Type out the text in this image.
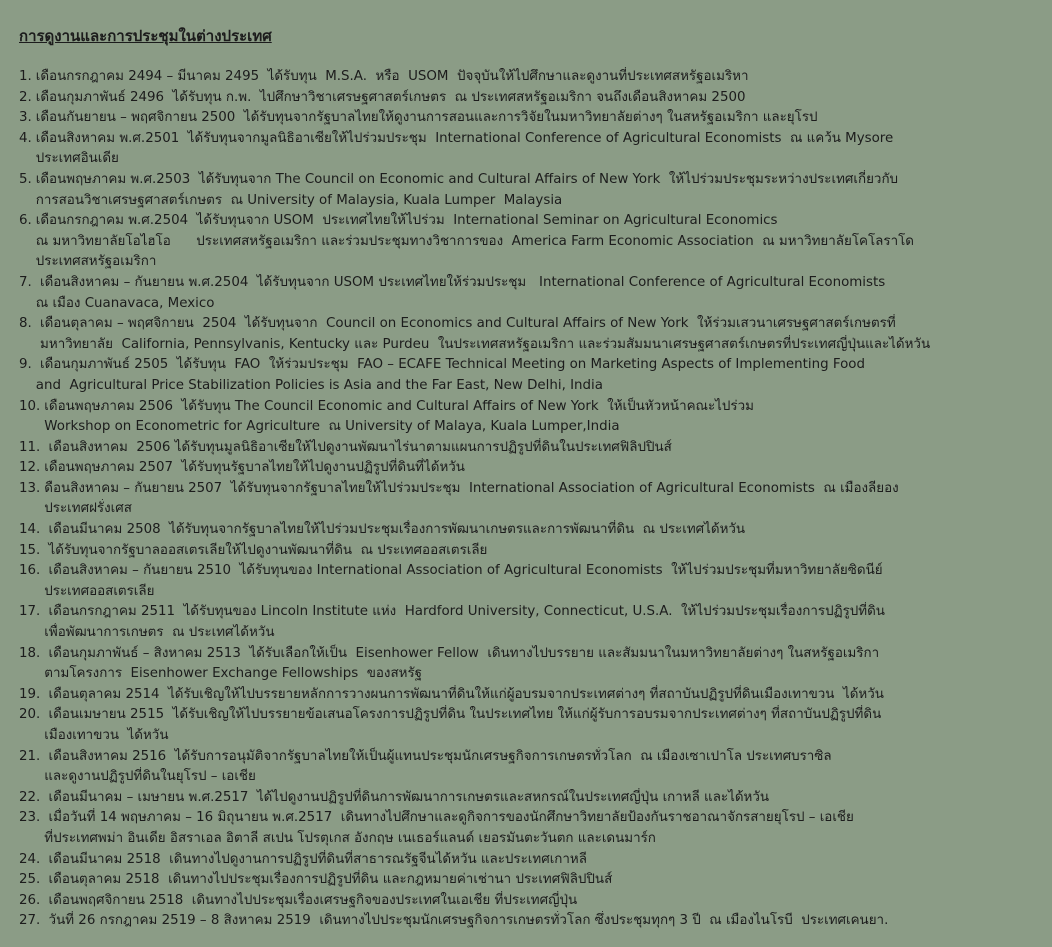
การดูงานและการประชุมในต่างประเทศ
1. เดือนกรกฎาคม 2494 – มีนาคม 2495  ได้รับทุน  M.S.A.  หรือ  USOM  ปัจจุบันให้ไปศึกษาและดูงานที่ประเทศสหรัฐอเมริหา
2. เดือนกุมภาพันธ์ 2496  ได้รับทุน ก.พ.  ไปศึกษาวิชาเศรษฐศาสตร์เกษตร  ณ ประเทศสหรัฐอเมริกา จนถึงเดือนสิงหาคม 2500
3. เดือนกันยายน – พฤศจิกายน 2500  ได้รับทุนจากรัฐบาลไทยให้ดูงานการสอนและการวิจัยในมหาวิทยาลัยต่างๆ ในสหรัฐอเมริกา และยุโรป
4. เดือนสิงหาคม พ.ศ.2501  ได้รับทุนจากมูลนิธิอาเซียให้ไปร่วมประชุม  International Conference of Agricultural Economists  ณ แคว้น Mysore
ประเทศอินเดีย
5. เดือนพฤษภาคม พ.ศ.2503  ได้รับทุนจาก The Council on Economic and Cultural Affairs of New York  ให้ไปร่วมประชุมระหว่างประเทศเกี่ยวกับ
การสอนวิชาเศรษฐศาสตร์เกษตร  ณ University of Malaysia, Kuala Lumper  Malaysia
6. เดือนกรกฎาคม พ.ศ.2504  ได้รับทุนจาก USOM  ประเทศไทยให้ไปร่วม  International Seminar on Agricultural Economics
ณ มหาวิทยาลัยโอไฮโอ      ประเทศสหรัฐอเมริกา และร่วมประชุมทางวิชาการของ  America Farm Economic Association  ณ มหาวิทยาลัยโคโลราโด
ประเทศสหรัฐอเมริกา
7. เดือนสิงหาคม – กันยายน พ.ศ.2504  ได้รับทุนจาก USOM ประเทศไทยให้ร่วมประชุม   International Conference of Agricultural Economists
ณ เมือง Cuanavaca, Mexico
8. เดือนตุลาคม – พฤศจิกายน  2504  ได้รับทุนจาก  Council on Economics and Cultural Affairs of New York  ให้ร่วมเสวนาเศรษฐศาสตร์เกษตรที่
มหาวิทยาลัย  California, Pennsylvanis, Kentucky และ Purdeu  ในประเทศสหรัฐอเมริกา และร่วมสัมมนาเศรษฐศาสตร์เกษตรที่ประเทศญี่ปุ่นและได้หวัน
9. เดือนกุมภาพันธ์ 2505  ได้รับทุน  FAO  ให้ร่วมประชุม  FAO – ECAFE Technical Meeting on Marketing Aspects of Implementing Food
and  Agricultural Price Stabilization Policies is Asia and the Far East, New Delhi, India
10. เดือนพฤษภาคม 2506  ได้รับทุน The Council Economic and Cultural Affairs of New York  ให้เป็นหัวหน้าคณะไปร่วม
Workshop on Econometric for Agriculture  ณ University of Malaya, Kuala Lumper,India
11. เดือนสิงหาคม  2506 ได้รับทุนมูลนิธิอาเซียให้ไปดูงานพัฒนาไร่นาตามแผนการปฏิรูปที่ดินในประเทศฟิลิปปินส์
12. เดือนพฤษภาคม 2507  ได้รับทุนรัฐบาลไทยให้ไปดูงานปฏิรูปที่ดินที่ได้หวัน
13. ดือนสิงหาคม – กันยายน 2507  ได้รับทุนจากรัฐบาลไทยให้ไปร่วมประชุม  International Association of Agricultural Economists  ณ เมืองลียอง
ประเทศฝรั่งเศส
14. เดือนมีนาคม 2508  ได้รับทุนจากรัฐบาลไทยให้ไปร่วมประชุมเรื่องการพัฒนาเกษตรและการพัฒนาที่ดิน  ณ ประเทศได้หวัน
15. ได้รับทุนจากรัฐบาลออสเตรเลียให้ไปดูงานพัฒนาที่ดิน  ณ ประเทศออสเตรเลีย
16. เดือนสิงหาคม – กันยายน 2510  ได้รับทุนของ International Association of Agricultural Economists  ให้ไปร่วมประชุมที่มหาวิทยาลัยซิดนีย์
ประเทศออสเตรเลีย
17. เดือนกรกฎาคม 2511  ได้รับทุนของ Lincoln Institute แห่ง  Hardford University, Connecticut, U.S.A.  ให้ไปร่วมประชุมเรื่องการปฏิรูปที่ดิน
เพื่อพัฒนาการเกษตร  ณ ประเทศได้หวัน
18. เดือนกุมภาพันธ์ – สิงหาคม 2513  ได้รับเลือกให้เป็น  Eisenhower Fellow  เดินทางไปบรรยาย และสัมมนาในมหาวิทยาลัยต่างๆ ในสหรัฐอเมริกา
ตามโครงการ  Eisenhower Exchange Fellowships  ของสหรัฐ
19. เดือนตุลาคม 2514  ได้รับเชิญให้ไปบรรยายหลักการวางผนการพัฒนาที่ดินให้แก่ผู้อบรมจากประเทศต่างๆ ที่สถาบันปฏิรูปที่ดินเมืองเทาขวน  ได้หวัน
20. เดือนเมษายน 2515  ได้รับเชิญให้ไปบรรยายข้อเสนอโครงการปฏิรูปที่ดิน ในประเทศไทย ให้แก่ผู้รับการอบรมจากประเทศต่างๆ ที่สถาบันปฏิรูปที่ดิน
เมืองเทาขวน  ได้หวัน
21. เดือนสิงหาคม 2516  ได้รับการอนุมัติจากรัฐบาลไทยให้เป็นผู้แทนประชุมนักเศรษฐกิจการเกษตรทั่วโลก  ณ เมืองเซาเปาโล ประเทศบราซิล
และดูงานปฏิรูปที่ดินในยุโรป – เอเชีย
22. เดือนมีนาคม – เมษายน พ.ศ.2517  ได้ไปดูงานปฏิรูปที่ดินการพัฒนาการเกษตรและสหกรณ์ในประเทศญี่ปุ่น เกาหลี และได้หวัน
23. เมื่อวันที่ 14 พฤษภาคม – 16 มิถุนายน พ.ศ.2517  เดินทางไปศึกษาและดูกิจการของนักศึกษาวิทยาลัยป้องกันราชอาณาจักรสายยุโรป – เอเชีย
ที่ประเทศพม่า อินเดีย อิสราเอล อิตาลี สเปน โปรตุเกส อังกฤษ เนเธอร์แลนด์ เยอรมันตะวันตก และเดนมาร์ก
24. เดือนมีนาคม 2518  เดินทางไปดูงานการปฏิรูปที่ดินที่สาธารณรัฐจีนได้หวัน และประเทศเกาหลี
25. เดือนตุลาคม 2518  เดินทางไปประชุมเรื่องการปฏิรูปที่ดิน และกฎหมายค่าเช่านา ประเทศฟิลิปปินส์
26. เดือนพฤศจิกายน 2518  เดินทางไปประชุมเรื่องเศรษฐกิจของประเทศในเอเชีย ที่ประเทศญี่ปุ่น
27. วันที่ 26 กรกฎาคม 2519 – 8 สิงหาคม 2519  เดินทางไปประชุมนักเศรษฐกิจการเกษตรทั่วโลก ซึ่งประชุมทุกๆ 3 ปี  ณ เมืองไนโรบี  ประเทศเคนยา.
